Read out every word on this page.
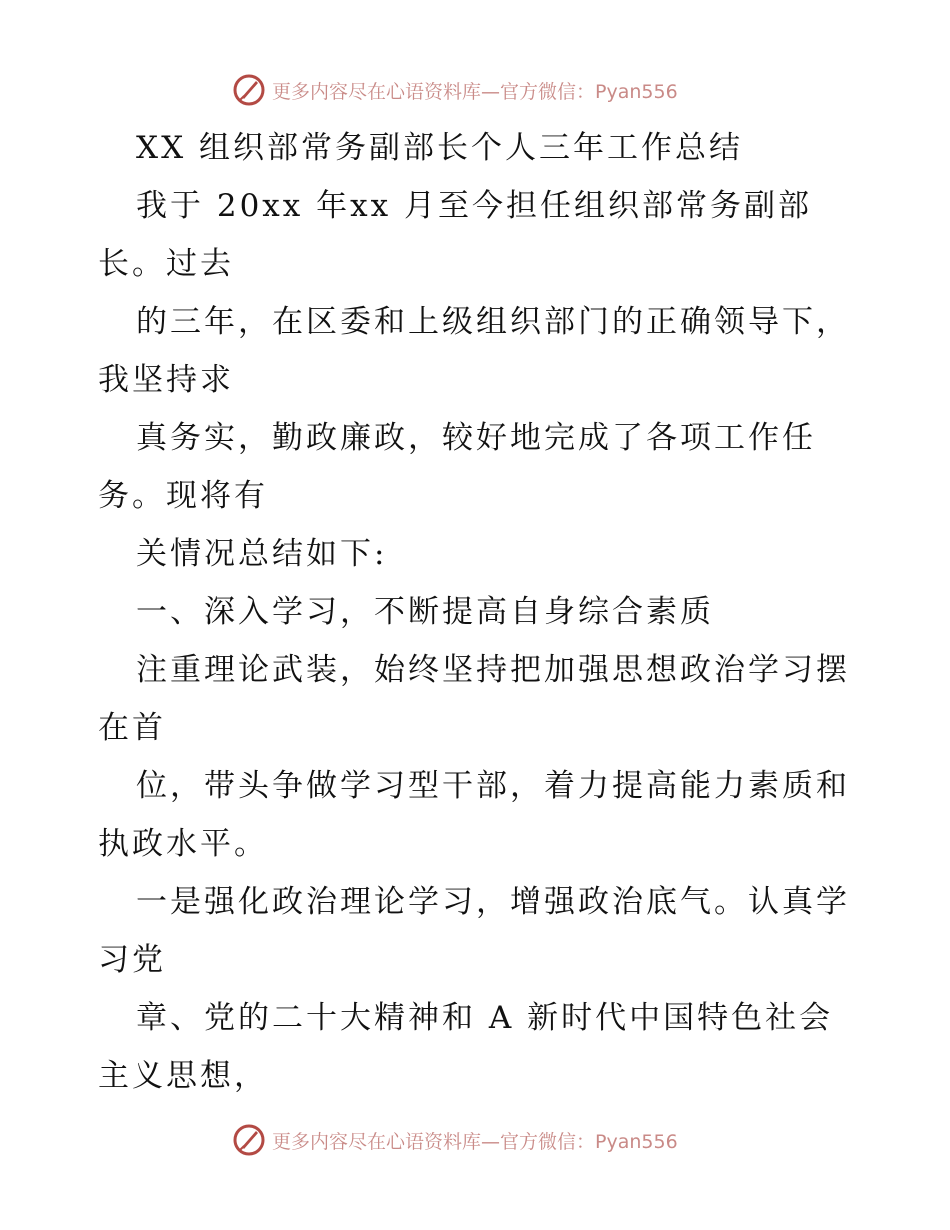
更多内容尽在心语资料库—官方微信：Pyan556
XX 组织部常务副部长个人三年工作总结
我于 20xx 年xx 月至今担任组织部常务副部
长。过去
的三年，在区委和上级组织部门的正确领导下，
我坚持求
真务实，勤政廉政，较好地完成了各项工作任
务。现将有
关情况总结如下:
一、深入学习，不断提高自身综合素质
注重理论武装，始终坚持把加强思想政治学习摆
在首
位，带头争做学习型干部，着力提高能力素质和
执政水平。
一是强化政治理论学习，增强政治底气。认真学
习党
章、党的二十大精神和 A 新时代中国特色社会
主义思想，
更多内容尽在心语资料库—官方微信：Pyan556
